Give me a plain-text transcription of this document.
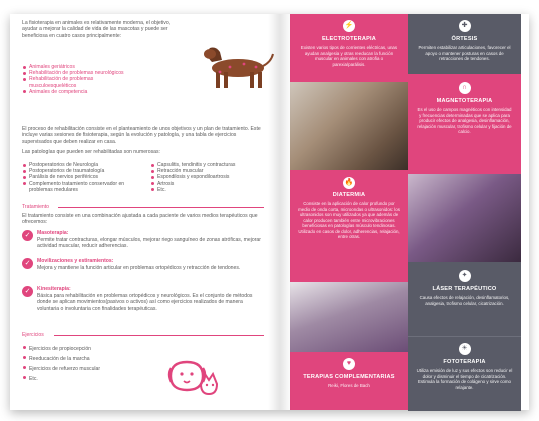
La fisioterapia en animales es relativamente moderna, el objetivo, ayudar a mejorar la calidad de vida de las mascotas y puede ser beneficiosa en cuatro casos principalmente:

Animales geriátricos
Rehabilitación de problemas neurológicos
Rehabilitación de problemas musculoesqueléticos
Animales de competencia

El proceso de rehabilitación consiste en el planteamiento de unos objetivos y un plan de tratamiento. Este incluye varias sesiones de fisioterapia, según la evolución y patología, y una tabla de ejercicios supervisados que deben realizar en casa.

Las patologías que pueden ser rehabilitadas son numerosas:

Postoperatorios de Neurología
Postoperatorios de traumatología
Parálisis de nervios periféricos
Complemento tratamiento conservador en problemas medulares
Capsulitis, tendinitis y contracturas
Retracción muscular
Espondilosis y espondiloartrosis
Artrosis
Etc.
Tratamiento

El tratamiento consiste en una combinación ajustada a cada paciente de varios medios terapéuticos que ofrecemos:

✓	Masoterapia:

Permite tratar contracturas, elongar músculos, mejorar riego sanguíneo de zonas atróficas, mejorar actividad muscular, reducir adherencias.

✓	Movilizaciones y estiramientos:

Mejora y mantiene la función articular en problemas ortopédicos y retracción de tendones.

✓	Kinesiterapia:

Básica para rehabilitación en problemas ortopédicos y neurológicos. Es el conjunto de métodos donde se aplican movimientos(pasivos o activos) así como ejercicios realizados de manera voluntaria o involuntaria con finalidades terapéuticas.

Ejercicios
Ejercicios de propiocepción
Reeducación de la marcha
Ejercicios de refuerzo muscular
Etc.
⚡
ELECTROTERAPIA
Existen varios tipos de corrientes eléctricas, unas ayudan analgesia y otras reeducan la función muscular en animales con atrofia o parexia/parálisis.
🔥
DIATERMIA
Consiste en la aplicación de calor profundo por medio de onda corta, microondas o ultrasonidos: los ultrasonidos son muy utilizados ya que además de calor producen también entre microvibraciones beneficiosas en patologías músculo tendinosas. Utilizado en casos de dolor, adherencias, relajación, entre otras.
♥
TERAPIAS COMPLEMENTARIAS
Reiki, Flores de Bach
✚
ÓRTESIS
Permiten estabilizar articulaciones, favorecer el apoyo o mantener posturas en casos de retracciones de tendones.
∩
MAGNETOTERAPIA
Es el uso de campos magnéticos con intensidad y frecuencias determinadas que se aplica para producir efectos de analgesia, desinflamación, relajación muscular, trofismo celular y fijación de calcio.
✦
LÁSER TERAPÉUTICO
Causa efectos de relajación, desinflamatorios, analgesia, trofismo celular, cicatrización.
☀
FOTOTERAPIA
Utiliza emisión de luz y sus efectos son reducir el dolor y disminuir el tiempo de cicatrización. Estimula la formación de colágeno y sirve como relajante.
